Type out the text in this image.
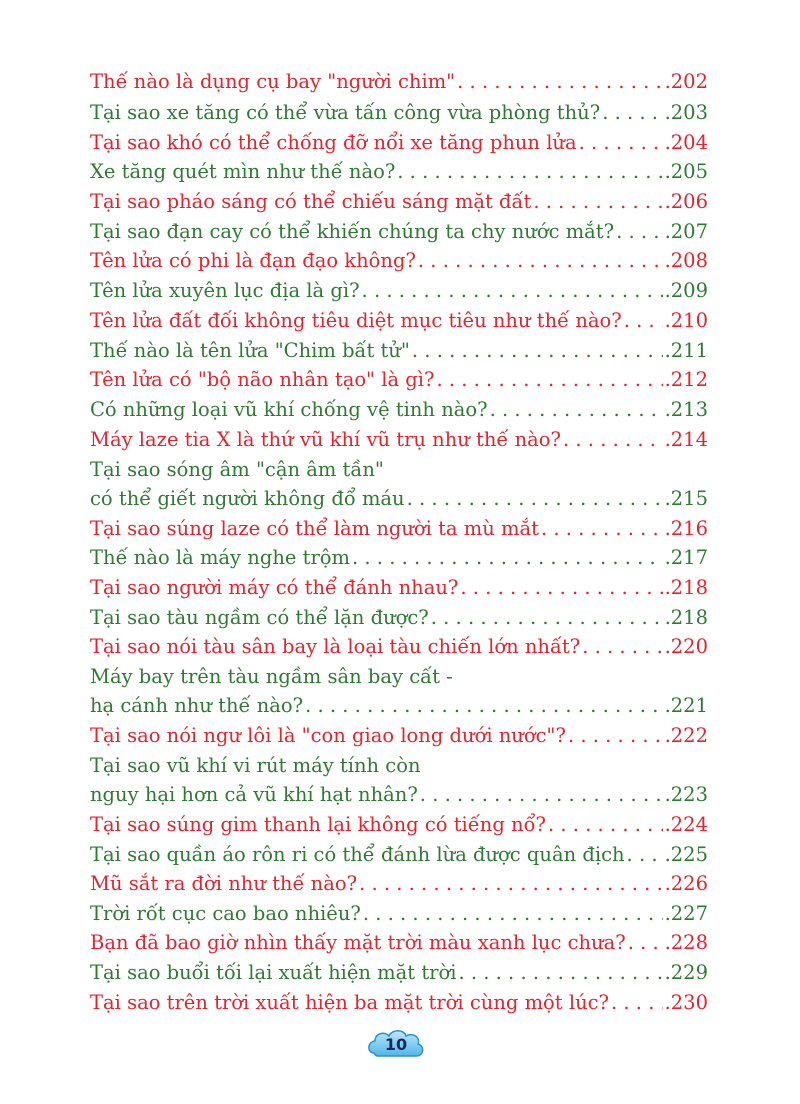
Thế nào là dụng cụ bay "người chim" . . .	.202
Tại sao xe tăng có thể vừa tấn công vừa phòng thủ? . . .	.203
Tại sao khó có thể chống đỡ nổi xe tăng phun lửa . . .	.204
Xe tăng quét mìn như thế nào? . . .	.205
Tại sao pháo sáng có thể chiếu sáng mặt đất . . .	.206
Tại sao đạn cay có thể khiến chúng ta chy nước mắt? . . .	.207
Tên lửa có phi là đạn đạo không? . . .	.208
Tên lửa xuyên lục địa là gì? . . .	.209
Tên lửa đất đối không tiêu diệt mục tiêu như thế nào? . . . .210
Thế nào là tên lửa "Chim bất tử" . . .	.211
Tên lửa có "bộ não nhân tạo" là gì? . . .	.212
Có những loại vũ khí chống vệ tinh nào? . . .	.213
Máy laze tia X là thứ vũ khí vũ trụ như thế nào? . . .	.214
Tại sao sóng âm "cận âm tần"
có thể giết người không đổ máu . . .	.215
Tại sao súng laze có thể làm người ta mù mắt . . .	.216
Thế nào là máy nghe trộm . . .	.217
Tại sao người máy có thể đánh nhau? . . .	.218
Tại sao tàu ngầm có thể lặn được? . . .	.218
Tại sao nói tàu sân bay là loại tàu chiến lớn nhất? . . .	.220
Máy bay trên tàu ngầm sân bay cất -
hạ cánh như thế nào? . . .	.221
Tại sao nói ngư lôi là "con giao long dưới nước"? . . .	.222
Tại sao vũ khí vi rút máy tính còn
nguy hại hơn cả vũ khí hạt nhân? . . .	.223
Tại sao súng gim thanh lại không có tiếng nổ? . . .	.224
Tại sao quần áo rôn ri có thể đánh lừa được quân địch . . . .225
Mũ sắt ra đời như thế nào? . . .	.226
Trời rốt cục cao bao nhiêu? . . .	.227
Bạn đã bao giờ nhìn thấy mặt trời màu xanh lục chưa? . . . .228
Tại sao buổi tối lại xuất hiện mặt trời . . .	.229
Tại sao trên trời xuất hiện ba mặt trời cùng một lúc? . . .	.230
10
